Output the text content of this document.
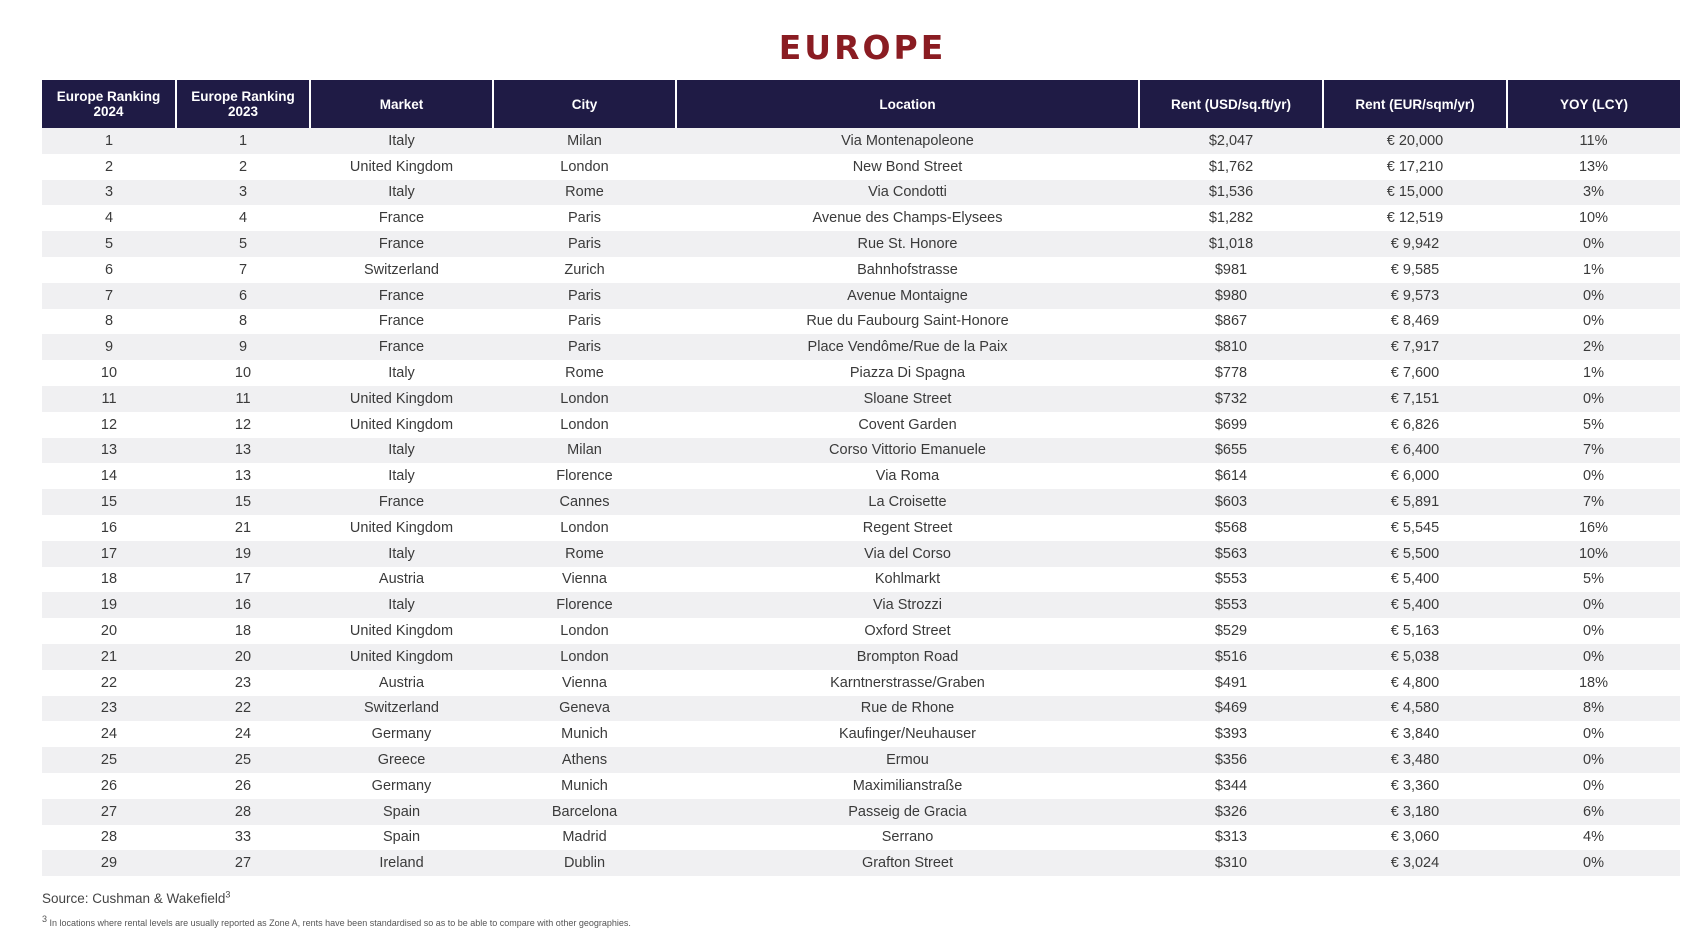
EUROPE
Europe Ranking 2024	Europe Ranking 2023	Market	City	Location	Rent (USD/sq.ft/yr)	Rent (EUR/sqm/yr)	YOY (LCY)
1	1	Italy	Milan	Via Montenapoleone	$2,047	€ 20,000	11%
2	2	United Kingdom	London	New Bond Street	$1,762	€ 17,210	13%
3	3	Italy	Rome	Via Condotti	$1,536	€ 15,000	3%
4	4	France	Paris	Avenue des Champs-Elysees	$1,282	€ 12,519	10%
5	5	France	Paris	Rue St. Honore	$1,018	€ 9,942	0%
6	7	Switzerland	Zurich	Bahnhofstrasse	$981	€ 9,585	1%
7	6	France	Paris	Avenue Montaigne	$980	€ 9,573	0%
8	8	France	Paris	Rue du Faubourg Saint-Honore	$867	€ 8,469	0%
9	9	France	Paris	Place Vendôme/Rue de la Paix	$810	€ 7,917	2%
10	10	Italy	Rome	Piazza Di Spagna	$778	€ 7,600	1%
11	11	United Kingdom	London	Sloane Street	$732	€ 7,151	0%
12	12	United Kingdom	London	Covent Garden	$699	€ 6,826	5%
13	13	Italy	Milan	Corso Vittorio Emanuele	$655	€ 6,400	7%
14	13	Italy	Florence	Via Roma	$614	€ 6,000	0%
15	15	France	Cannes	La Croisette	$603	€ 5,891	7%
16	21	United Kingdom	London	Regent Street	$568	€ 5,545	16%
17	19	Italy	Rome	Via del Corso	$563	€ 5,500	10%
18	17	Austria	Vienna	Kohlmarkt	$553	€ 5,400	5%
19	16	Italy	Florence	Via Strozzi	$553	€ 5,400	0%
20	18	United Kingdom	London	Oxford Street	$529	€ 5,163	0%
21	20	United Kingdom	London	Brompton Road	$516	€ 5,038	0%
22	23	Austria	Vienna	Karntnerstrasse/Graben	$491	€ 4,800	18%
23	22	Switzerland	Geneva	Rue de Rhone	$469	€ 4,580	8%
24	24	Germany	Munich	Kaufinger/Neuhauser	$393	€ 3,840	0%
25	25	Greece	Athens	Ermou	$356	€ 3,480	0%
26	26	Germany	Munich	Maximilianstraße	$344	€ 3,360	0%
27	28	Spain	Barcelona	Passeig de Gracia	$326	€ 3,180	6%
28	33	Spain	Madrid	Serrano	$313	€ 3,060	4%
29	27	Ireland	Dublin	Grafton Street	$310	€ 3,024	0%
Source: Cushman & Wakefield$^3$
$^3$ In locations where rental levels are usually reported as Zone A, rents have been standardised so as to be able to compare with other geographies.
